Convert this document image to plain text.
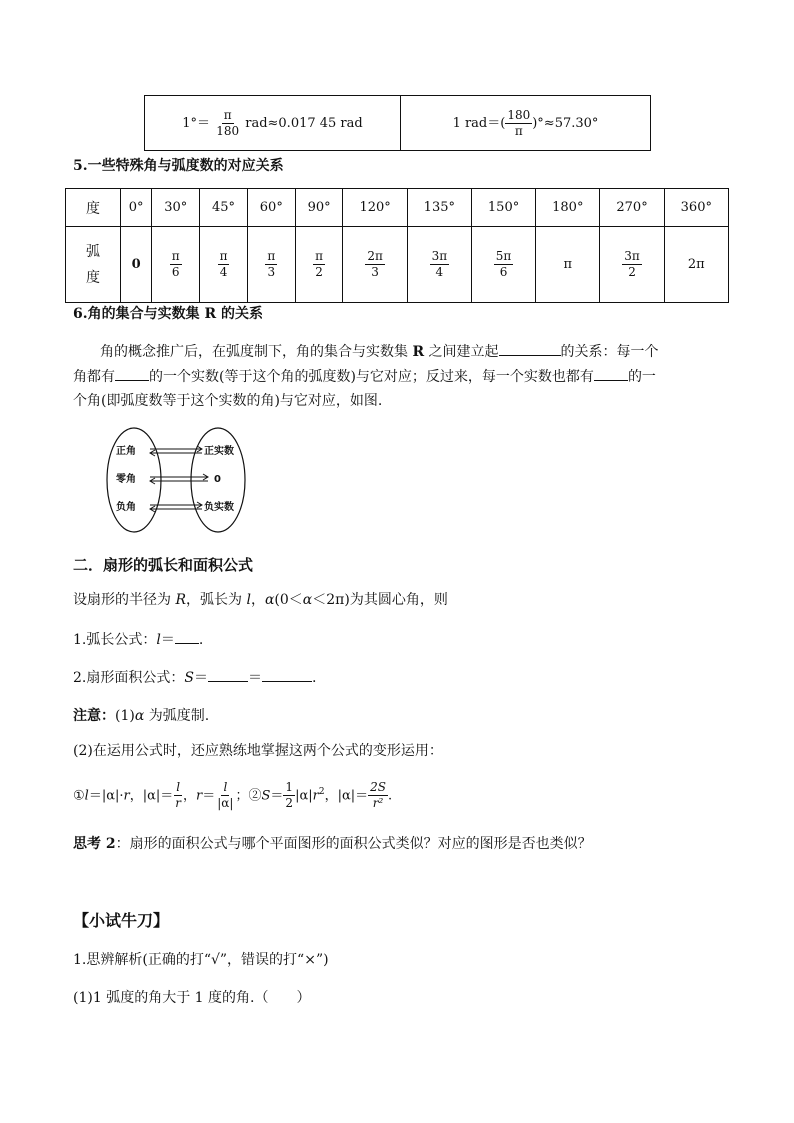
$1^\circ= \frac{\pi}{180} rad\approx 0.017$ 45 rad	1 $rad=( \frac{180}{\pi} )^\circ\approx 57.30^\circ$
5.一些特殊角与弧度数的对应关系
度	0°	30°	45°	60°	90°	120°	135°	150°	180°	270°	360°
弧
度	0	$\frac{\pi}{6}$	$\frac{\pi}{4}$	$\frac{\pi}{3}$	$\frac{\pi}{2}$	$\frac{2\pi}{3}$	$\frac{3\pi}{4}$	$\frac{5\pi}{6}$	π	$\frac{3\pi}{2}$	2π
6.角的集合与实数集 R 的关系
角的概念推广后，在弧度制下，角的集合与实数集 R 之间建立起	的关系：每一个
角都有 的一个实数(等于这个角的弧度数)与它对应；反过来，每一个实数也都有 的一
个角(即弧度数等于这个实数的角)与它对应，如图.
正角
零角
负角
正实数
0
负实数
二．扇形的弧长和面积公式
设扇形的半径为 R，弧长为 l，α(0＜α＜2π)为其圆心角，则
1.弧长公式：l＝ .
2.扇形面积公式：S＝	＝	.
注意：(1)α 为弧度制.
(2)在运用公式时，还应熟练地掌握这两个公式的变形运用：
①l＝|α|·r，$|\alpha|= \frac{l}{r}$ ，$r= \frac{l}{|\alpha|}$ ；②S＝ $\frac{1}{2} |\alpha|r^2$，$|\alpha|= \frac{2S}{\text{r²}}$ .
思考 2：扇形的面积公式与哪个平面图形的面积公式类似？对应的图形是否也类似？
【小试牛刀】
1.思辨解析(正确的打“√”，错误的打“×”)
(1)1 弧度的角大于 1 度的角.（　　）
